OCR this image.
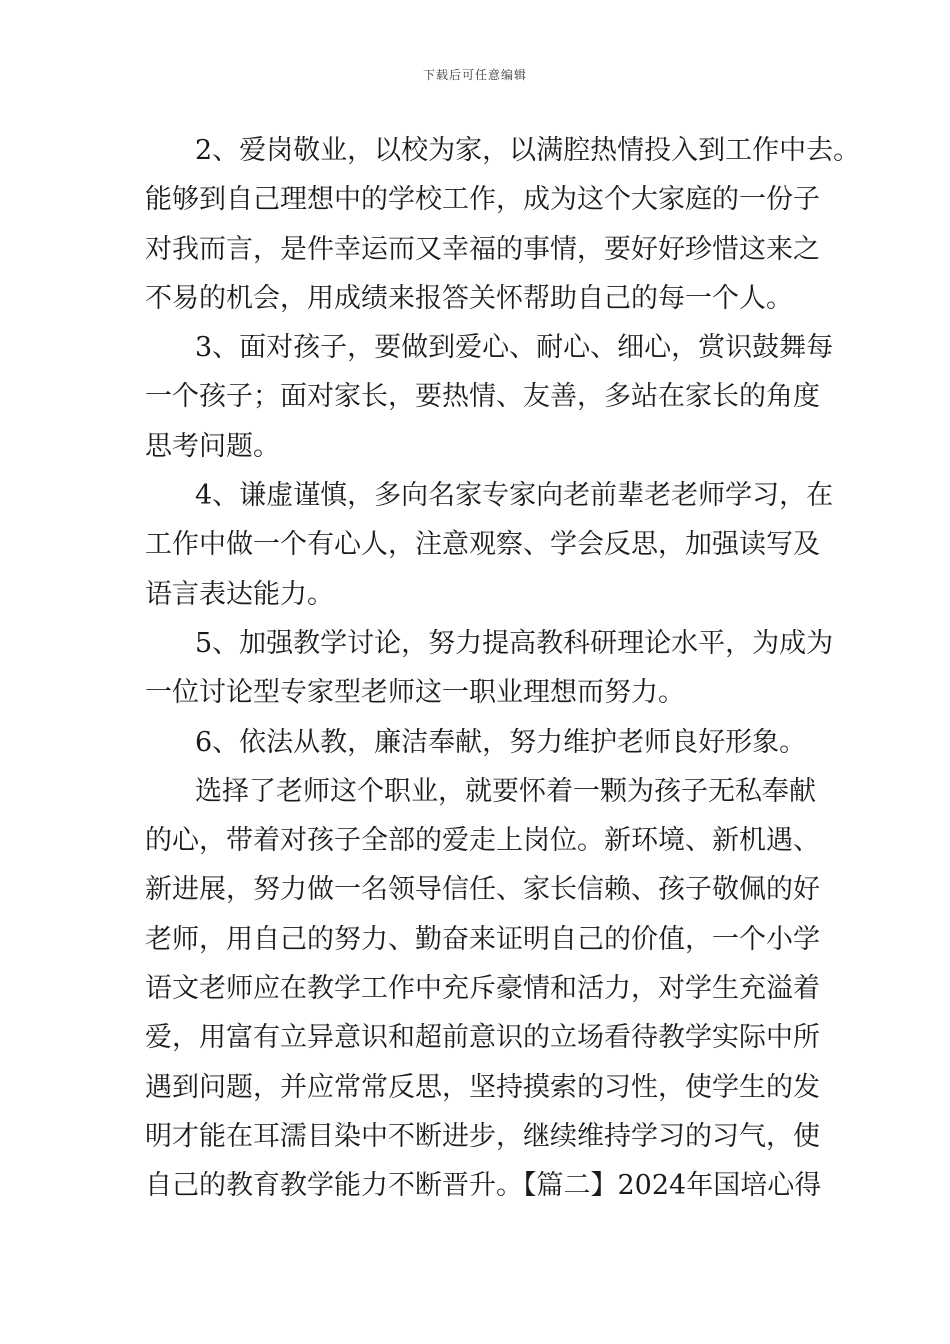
下载后可任意编辑
2、爱岗敬业，以校为家，以满腔热情投入到工作中去。
能够到自己理想中的学校工作，成为这个大家庭的一份子
对我而言，是件幸运而又幸福的事情，要好好珍惜这来之
不易的机会，用成绩来报答关怀帮助自己的每一个人。
3、面对孩子，要做到爱心、耐心、细心，赏识鼓舞每
一个孩子；面对家长，要热情、友善，多站在家长的角度
思考问题。
4、谦虚谨慎，多向名家专家向老前辈老老师学习，在
工作中做一个有心人，注意观察、学会反思，加强读写及
语言表达能力。
5、加强教学讨论，努力提高教科研理论水平，为成为
一位讨论型专家型老师这一职业理想而努力。
6、依法从教，廉洁奉献，努力维护老师良好形象。
选择了老师这个职业，就要怀着一颗为孩子无私奉献
的心，带着对孩子全部的爱走上岗位。新环境、新机遇、
新进展，努力做一名领导信任、家长信赖、孩子敬佩的好
老师，用自己的努力、勤奋来证明自己的价值，一个小学
语文老师应在教学工作中充斥豪情和活力，对学生充溢着
爱，用富有立异意识和超前意识的立场看待教学实际中所
遇到问题，并应常常反思，坚持摸索的习性，使学生的发
明才能在耳濡目染中不断进步，继续维持学习的习气，使
自己的教育教学能力不断晋升。【篇二】2024年国培心得
